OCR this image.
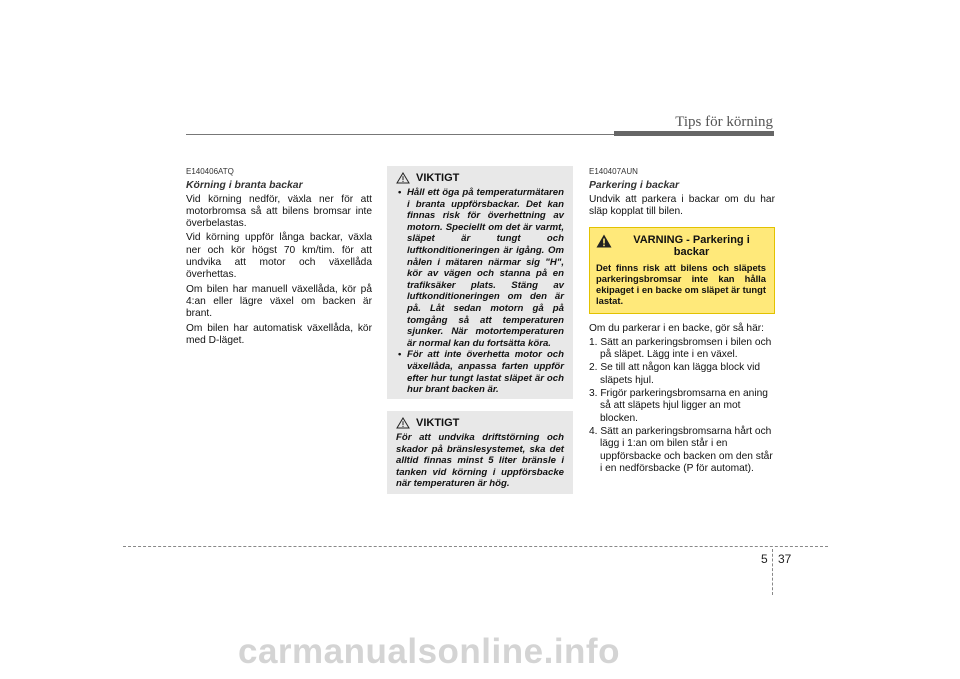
Tips för körning
E140406ATQ
Körning i branta backar

Vid körning nedför, växla ner för att motorbromsa så att bilens bromsar inte överbelastas.

Vid körning uppför långa backar, växla ner och kör högst 70 km/tim. för att undvika att motor och växellåda överhettas.

Om bilen har manuell växellåda, kör på 4:an eller lägre växel om backen är brant.

Om bilen har automatisk växellåda, kör med D-läget.

VIKTIGT
• Håll ett öga på temperaturmätaren i branta uppförsbackar. Det kan finnas risk för överhettning av motorn. Speciellt om det är varmt, släpet är tungt och luftkonditioneringen är igång. Om nålen i mätaren närmar sig "H", kör av vägen och stanna på en trafiksäker plats. Stäng av luftkonditioneringen om den är på. Låt sedan motorn gå på tomgång så att temperaturen sjunker. När motortemperaturen är normal kan du fortsätta köra.
• För att inte överhetta motor och växellåda, anpassa farten uppför efter hur tungt lastat släpet är och hur brant backen är.
VIKTIGT

För att undvika driftstörning och skador på bränslesystemet, ska det alltid finnas minst 5 liter bränsle i tanken vid körning i uppförsbacke när temperaturen är hög.

E140407AUN
Parkering i backar

Undvik att parkera i backar om du har släp kopplat till bilen.

VARNING - Parkering i backar
Det finns risk att bilens och släpets parkeringsbromsar inte kan hålla ekipaget i en backe om släpet är tungt lastat.

Om du parkerar i en backe, gör så här:

1. Sätt an parkeringsbromsen i bilen och på släpet. Lägg inte i en växel.
2. Se till att någon kan lägga block vid släpets hjul.
3. Frigör parkeringsbromsarna en aning så att släpets hjul ligger an mot blocken.
4. Sätt an parkeringsbromsarna hårt och lägg i 1:an om bilen står i en uppförsbacke och backen om den står i en nedförsbacke (P för automat).
5 37
carmanualsonline.info
